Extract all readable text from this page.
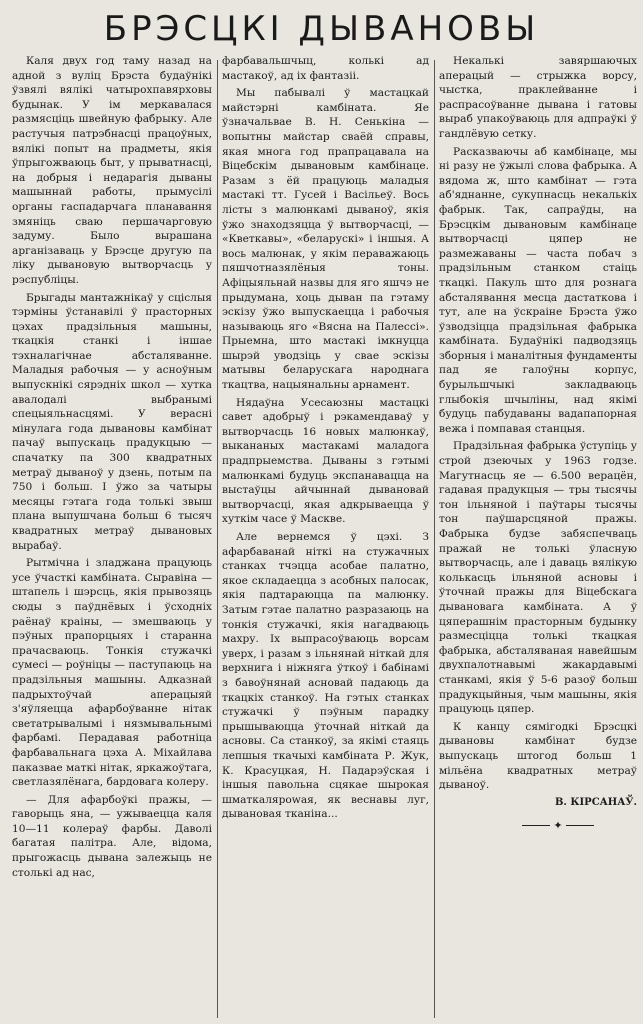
БРЭСЦКІ ДЫВАНОВЫ

Каля двух год таму назад на адной з вуліц Брэста будаўнікі ўзвялі вялікі чатырохпавярховы будынак. У ім меркавалася размясціць швейную фабрыку. Але растучыя патрэбнасці працоўных, вялікі попыт на прадметы, якія ўпрыгожваюць быт, у прыватнасці, на добрыя і недарагія дываны машыннай работы, прымусілі органы гаспадарчага планавання змяніць сваю першачарговую задуму. Было вырашана арганізаваць у Брэсце другую па ліку дывановую вытворчасць у рэспубліцы.

Брыгады мантажнікаў у сціслыя тэрміны ўстанавілі ў прасторных цэхах прадзільныя машыны, ткацкія станкі і іншае тэхналагічнае абсталяванне. Маладыя рабочыя — у асноўным выпускнікі сярэдніх школ — хутка авалодалі выбранымі спецыяльнасцямі. У верасні мінулага года дывановы камбінат пачаў выпускаць прадукцыю — спачатку па 300 квадратных метраў дываноў у дзень, потым па 750 і больш. І ўжо за чатыры месяцы гэтага года толькі звыш плана выпушчана больш 6 тысяч квадратных метраў дывановых вырабаў.

Рытмічна і зладжана працуюць усе ўчасткі камбіната. Сыравіна — штапель і шэрсць, якія прывозяць сюды з паўднёвых і ўсходніх раёнаў краіны, — змешваюць у пэўных прапорцыях і старанна прачасваюць. Тонкія стужачкі сумесі — роўніцы — паступаюць на прадзільныя машыны. Адказнай падрыхтоўчай аперацыяй з'яўляецца афарбоўванне нітак светатрывалымі і нязмывальнымі фарбамі. Перадавая работніца фарбавальнага цэха А. Міхайлава паказвае маткі нітак, яркажоўтага, светлазялёнага, бардовага колеру.

— Для афарбоўкі пражы, — гаворыць яна, — ужываецца каля 10—11 колераў фарбы. Даволі багатая палітра. Але, відома, прыгожасць дывана залежыць не столькі ад нас,

фарбавальшчыц, колькі ад мастакоў, ад іх фантазіі.

Мы пабывалі ў мастацкай майстэрні камбіната. Яе ўзначальвае В. Н. Сенькіна — вопытны майстар сваёй справы, якая многа год прапрацавала на Віцебскім дывановым камбінаце. Разам з ёй працуюць маладыя мастакі тт. Гусей і Васільеў. Вось лісты з малюнкамі дываноў, якія ўжо знаходзяцца ў вытворчасці, — «Кветкавы», «беларускі» і іншыя. А вось малюнак, у якім пераважаюць пяшчотназялёныя тоны. Афіцыяльнай назвы для яго яшчэ не прыдумана, хоць дыван па гэтаму эскізу ўжо выпускаецца і рабочыя называюць яго «Вясна на Палессі». Прыемна, што мастакі імкнуцца шырэй уводзіць у свае эскізы матывы беларускага народнага ткацтва, нацыянальны арнамент.

Нядаўна Усесаюзны мастацкі савет адобрыў і рэкамендаваў у вытворчасць 16 новых малюнкаў, выкананых мастакамі маладога прадпрыемства. Дываны з гэтымі малюнкамі будуць экспанавацца на выстаўцы айчыннай дывановай вытворчасці, якая адкрываецца ў хуткім часе ў Маскве.

Але вернемся ў цэхі. З афарбаванай ніткі на стужачных станках тчэцца асобае палатно, якое складаецца з асобных палосак, якія падтараюцца па малюнку. Затым гэтае палатно разразаюць на тонкія стужачкі, якія нагадваюць махру. Іх выпрасоўваюць ворсам уверх, і разам з ільнянай ніткай для верхнига і ніжняга ўткоў і бабінамі з бавоўнянай асновай падаюць да ткацкіх станкоў. На гэтых станках стужачкі ў пэўным парадку прышываюцца ўточнай ніткай да асновы. Са станкоў, за якімі стаяць лепшыя ткачыхі камбіната Р. Жук, К. Красуцкая, Н. Падарэўская і іншыя павольна сцякае шырокая шматкалярowая, як веснавы луг, дывановая тканіна...

Некалькі завяршаючых аперацый — стрыжка ворсу, чыстка, праклейванне і распрасоўванне дывана і гатовы выраб упакоўваюць для адпраўкі ў гандлёвую сетку.

Расказваючы аб камбінаце, мы ні разу не ўжылі слова фабрыка. А вядома ж, што камбінат — гэта аб'яднанне, сукупнасць некалькіх фабрык. Так, сапраўды, на Брэсцкім дывановым камбінаце вытворчасці цяпер не размежаваны — часта побач з прадзільным станком стаіць ткацкі. Пакуль што для рознага абсталявання месца дастаткова і тут, але на ўскраіне Брэста ўжо ўзводзіцца прадзільная фабрыка камбіната. Будаўнікі падводзяць зборныя і маналітныя фундаменты пад яе галоўны корпус, бурыльшчыкі закладваюць глыбокія шчыліны, над якімі будуць пабудаваны вадапапорная вежа і помпавая станцыя.

Прадзільная фабрыка ўступіць у строй дзеючых у 1963 годзе. Магутнасць яе — 6.500 верацён, гадавая прадукцыя — тры тысячы тон ільняной і паўтары тысячы тон паўшарсцянoй пражы. Фабрыка будзе забяспечваць пражай не толькі ўласную вытворчасць, але і даваць вялікую колькасць ільняной асновы і ўточнай пражы для Віцебскага дывановага камбіната. А ў цяперашнім прасторным будынку размесціцца толькі ткацкая фабрыка, абсталяваная навейшым двухпалотнавымі жакардавымі станкамі, якія ў 5-6 разоў больш прадукцыйныя, чым машыны, якія працуюць цяпер.

К канцу сямігодкі Брэсцкі дывановы камбінат будзе выпускаць штогод больш 1 мільёна квадратных метраў дываноў.

В. КІРСАНАЎ.

✦
